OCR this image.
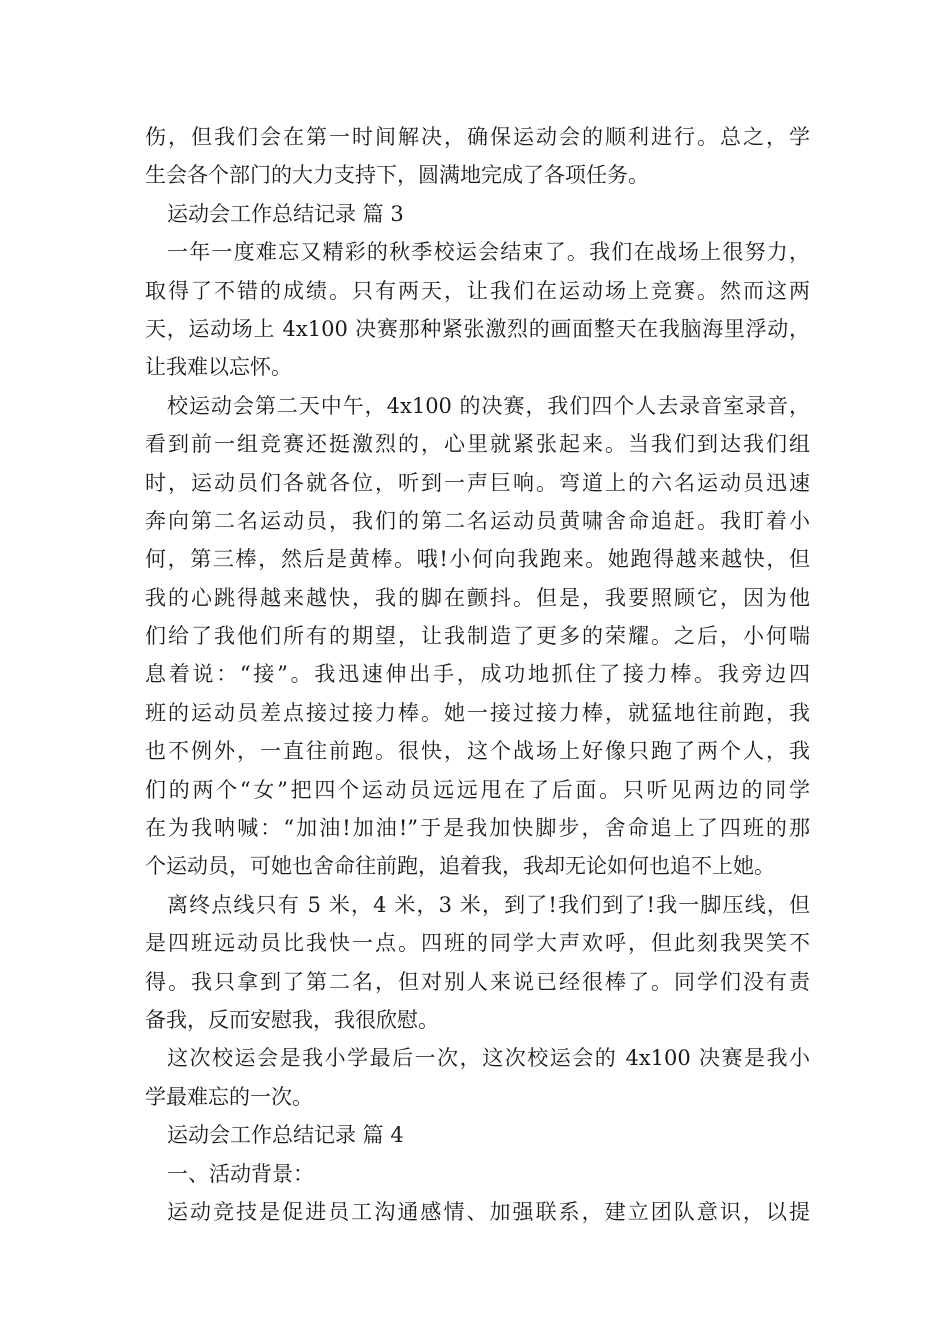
伤，但我们会在第一时间解决，确保运动会的顺利进行。总之，学
生会各个部门的大力支持下，圆满地完成了各项任务。
运动会工作总结记录 篇 3
一年一度难忘又精彩的秋季校运会结束了。我们在战场上很努力，
取得了不错的成绩。只有两天，让我们在运动场上竞赛。然而这两
天，运动场上 4x100 决赛那种紧张激烈的画面整天在我脑海里浮动，
让我难以忘怀。
校运动会第二天中午，4x100 的决赛，我们四个人去录音室录音，
看到前一组竞赛还挺激烈的，心里就紧张起来。当我们到达我们组
时，运动员们各就各位，听到一声巨响。弯道上的六名运动员迅速
奔向第二名运动员，我们的第二名运动员黄啸舍命追赶。我盯着小
何，第三棒，然后是黄棒。哦!小何向我跑来。她跑得越来越快，但
我的心跳得越来越快，我的脚在颤抖。但是，我要照顾它，因为他
们给了我他们所有的期望，让我制造了更多的荣耀。之后，小何喘
息着说：“接”。我迅速伸出手，成功地抓住了接力棒。我旁边四
班的运动员差点接过接力棒。她一接过接力棒，就猛地往前跑，我
也不例外，一直往前跑。很快，这个战场上好像只跑了两个人，我
们的两个“女”把四个运动员远远甩在了后面。只听见两边的同学
在为我呐喊：“加油!加油!”于是我加快脚步，舍命追上了四班的那
个运动员，可她也舍命往前跑，追着我，我却无论如何也追不上她。
离终点线只有 5 米，4 米，3 米，到了!我们到了!我一脚压线，但
是四班远动员比我快一点。四班的同学大声欢呼，但此刻我哭笑不
得。我只拿到了第二名，但对别人来说已经很棒了。同学们没有责
备我，反而安慰我，我很欣慰。
这次校运会是我小学最后一次，这次校运会的 4x100 决赛是我小
学最难忘的一次。
运动会工作总结记录 篇 4
一、活动背景：
运动竞技是促进员工沟通感情、加强联系，建立团队意识，以提
